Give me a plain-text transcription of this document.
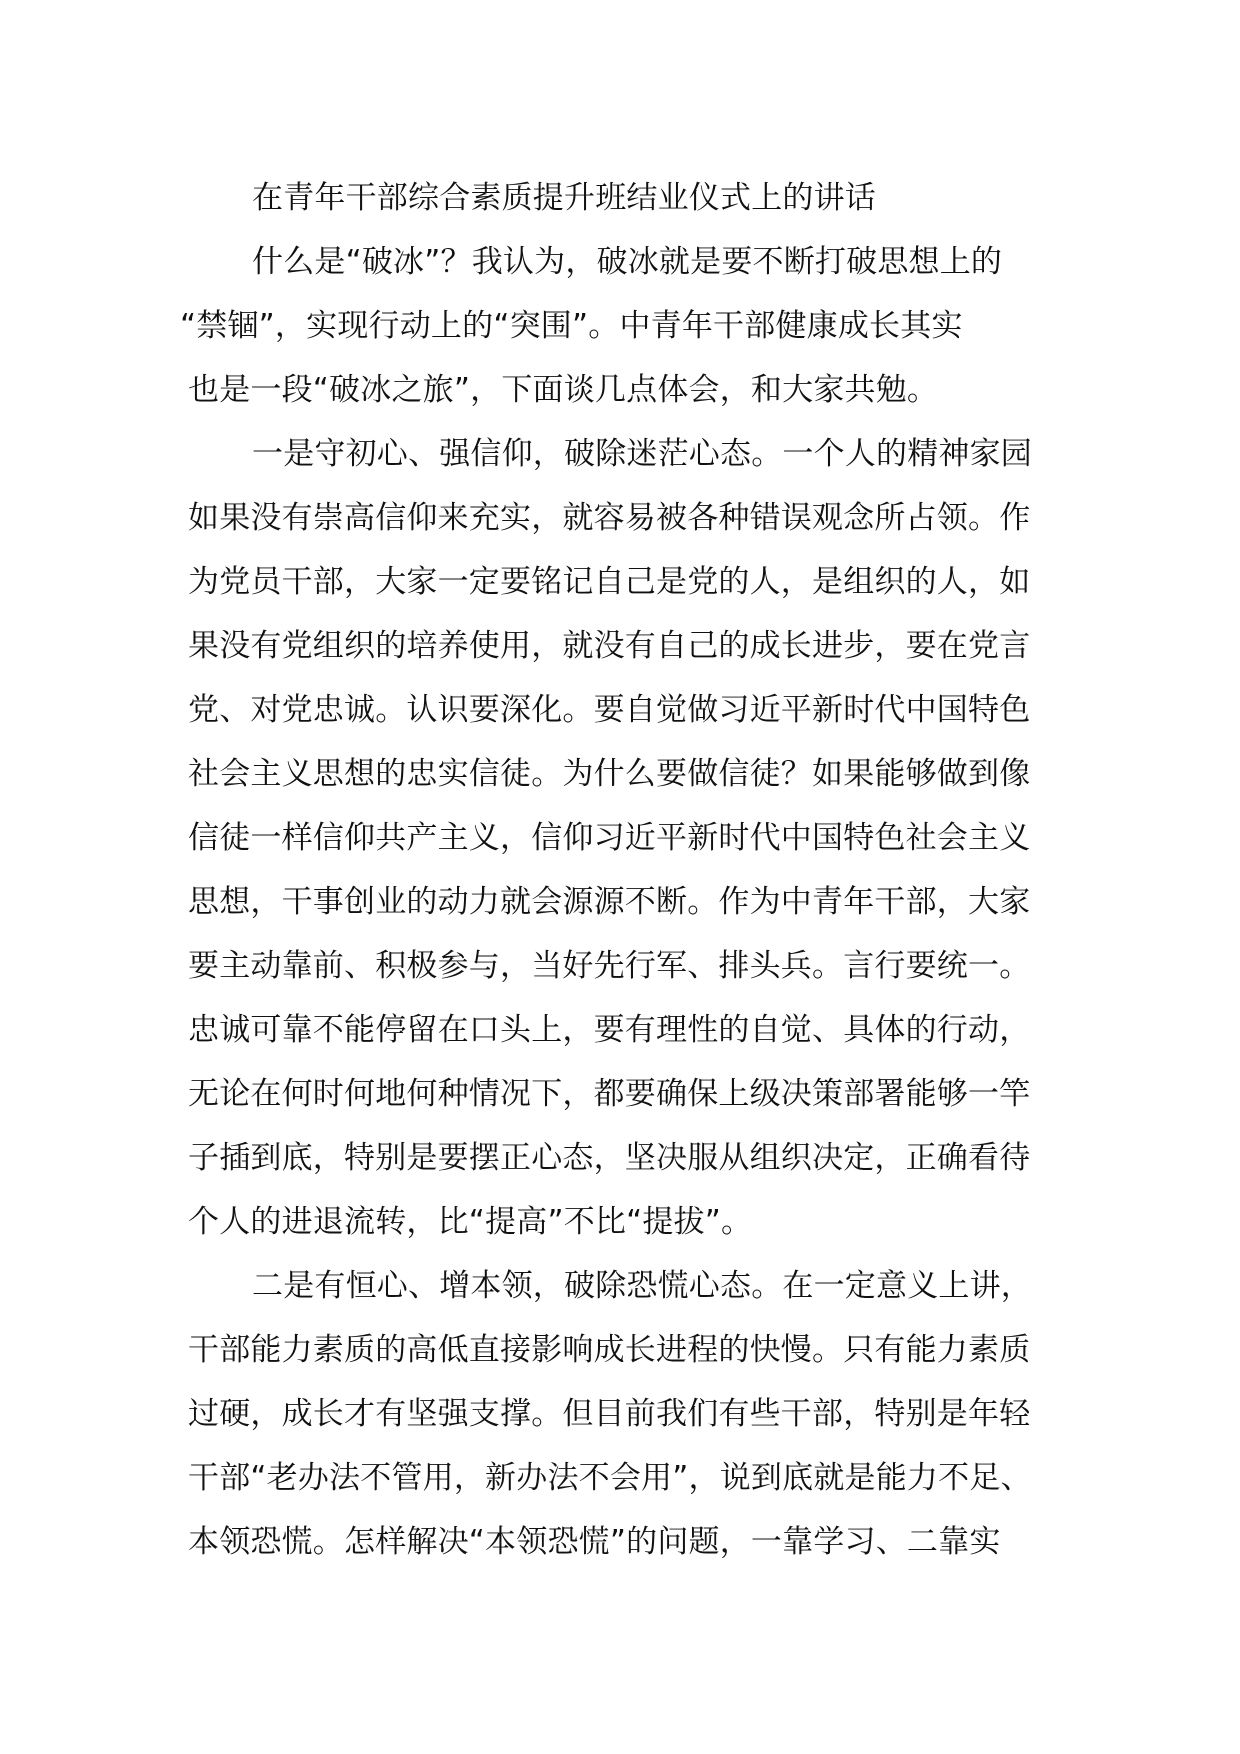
在青年干部综合素质提升班结业仪式上的讲话
什么是“破冰”？我认为，破冰就是要不断打破思想上的
“禁锢”，实现行动上的“突围”。中青年干部健康成长其实
也是一段“破冰之旅”，下面谈几点体会，和大家共勉。
一是守初心、强信仰，破除迷茫心态。一个人的精神家园
如果没有崇高信仰来充实，就容易被各种错误观念所占领。作
为党员干部，大家一定要铭记自己是党的人，是组织的人，如
果没有党组织的培养使用，就没有自己的成长进步，要在党言
党、对党忠诚。认识要深化。要自觉做习近平新时代中国特色
社会主义思想的忠实信徒。为什么要做信徒？如果能够做到像
信徒一样信仰共产主义，信仰习近平新时代中国特色社会主义
思想，干事创业的动力就会源源不断。作为中青年干部，大家
要主动靠前、积极参与，当好先行军、排头兵。言行要统一。
忠诚可靠不能停留在口头上，要有理性的自觉、具体的行动，
无论在何时何地何种情况下，都要确保上级决策部署能够一竿
子插到底，特别是要摆正心态，坚决服从组织决定，正确看待
个人的进退流转，比“提高”不比“提拔”。
二是有恒心、增本领，破除恐慌心态。在一定意义上讲，
干部能力素质的高低直接影响成长进程的快慢。只有能力素质
过硬，成长才有坚强支撑。但目前我们有些干部，特别是年轻
干部“老办法不管用，新办法不会用”，说到底就是能力不足、
本领恐慌。怎样解决“本领恐慌”的问题，一靠学习、二靠实
